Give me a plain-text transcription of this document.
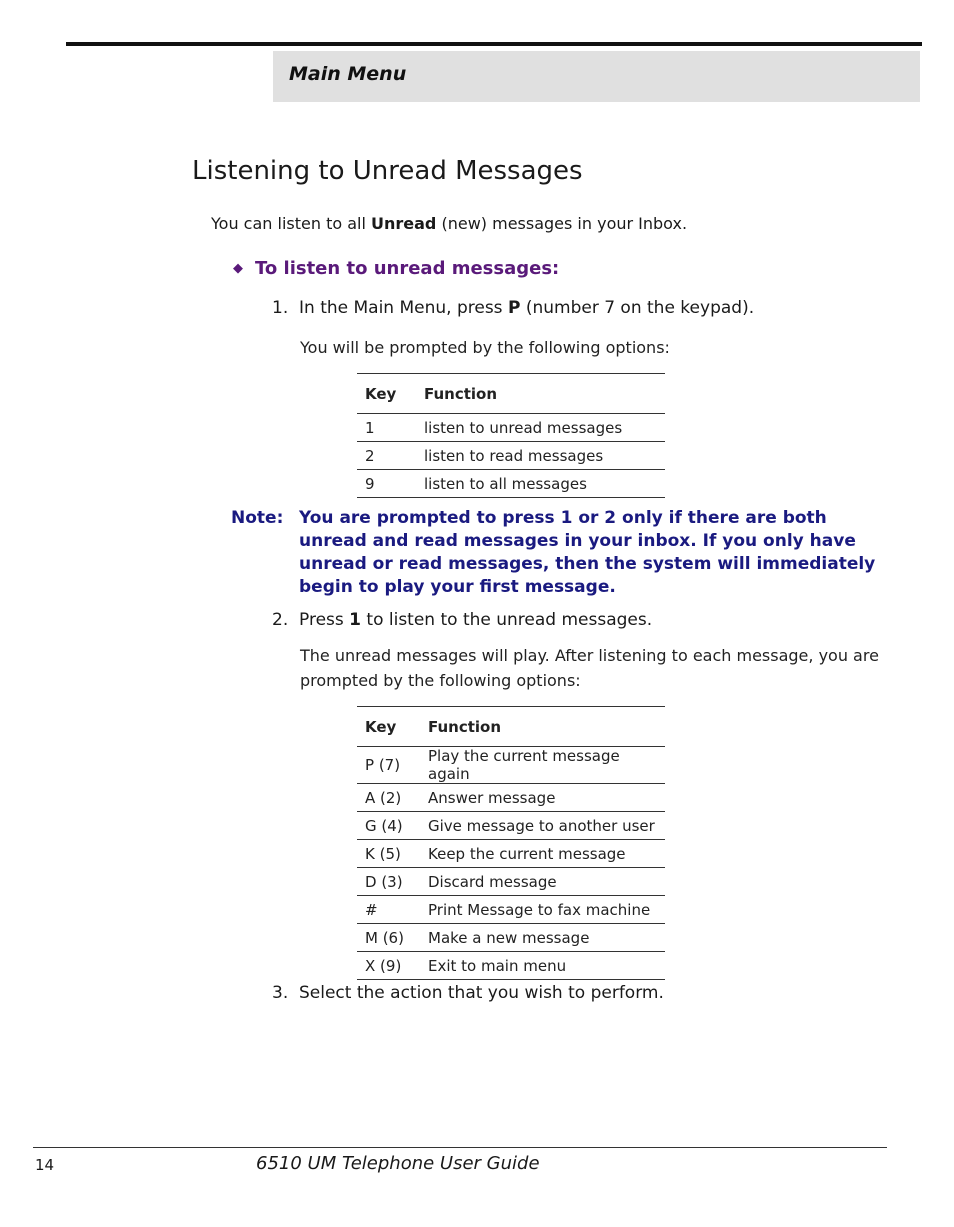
Main Menu
Listening to Unread Messages
You can listen to all Unread (new) messages in your Inbox.
◆ To listen to unread messages:
1. In the Main Menu, press P (number 7 on the keypad).
You will be prompted by the following options:
Key	Function
1	listen to unread messages
2	listen to read messages
9	listen to all messages
Note: You are prompted to press 1 or 2 only if there are both unread and read messages in your inbox. If you only have unread or read messages, then the system will immediately begin to play your first message.
2. Press 1 to listen to the unread messages.
The unread messages will play. After listening to each message, you are prompted by the following options:
Key	Function
P (7)	Play the current message again
A (2)	Answer message
G (4)	Give message to another user
K (5)	Keep the current message
D (3)	Discard message
#	Print Message to fax machine
M (6)	Make a new message
X (9)	Exit to main menu
3. Select the action that you wish to perform.
14	6510 UM Telephone User Guide
